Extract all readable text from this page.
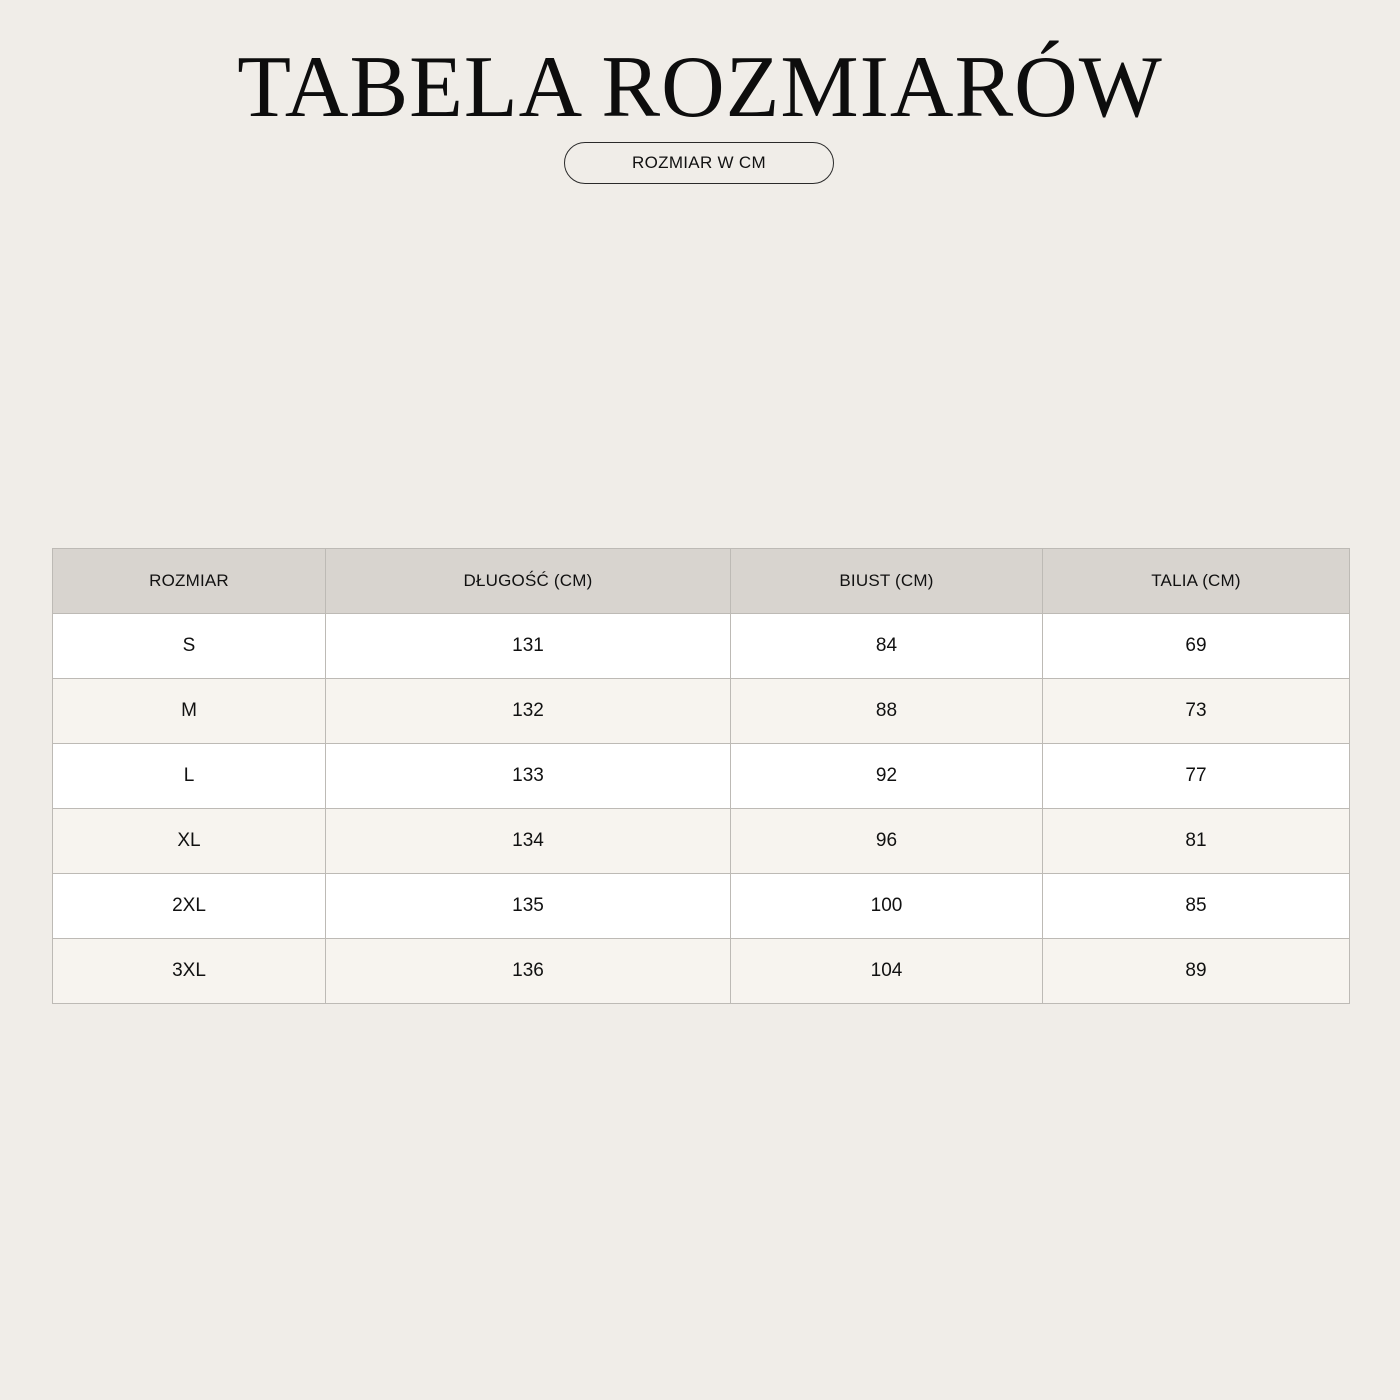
TABELA ROZMIARÓW
ROZMIAR W CM
ROZMIAR	DŁUGOŚĆ (CM)	BIUST (CM)	TALIA (CM)
S	131	84	69
M	132	88	73
L	133	92	77
XL	134	96	81
2XL	135	100	85
3XL	136	104	89
